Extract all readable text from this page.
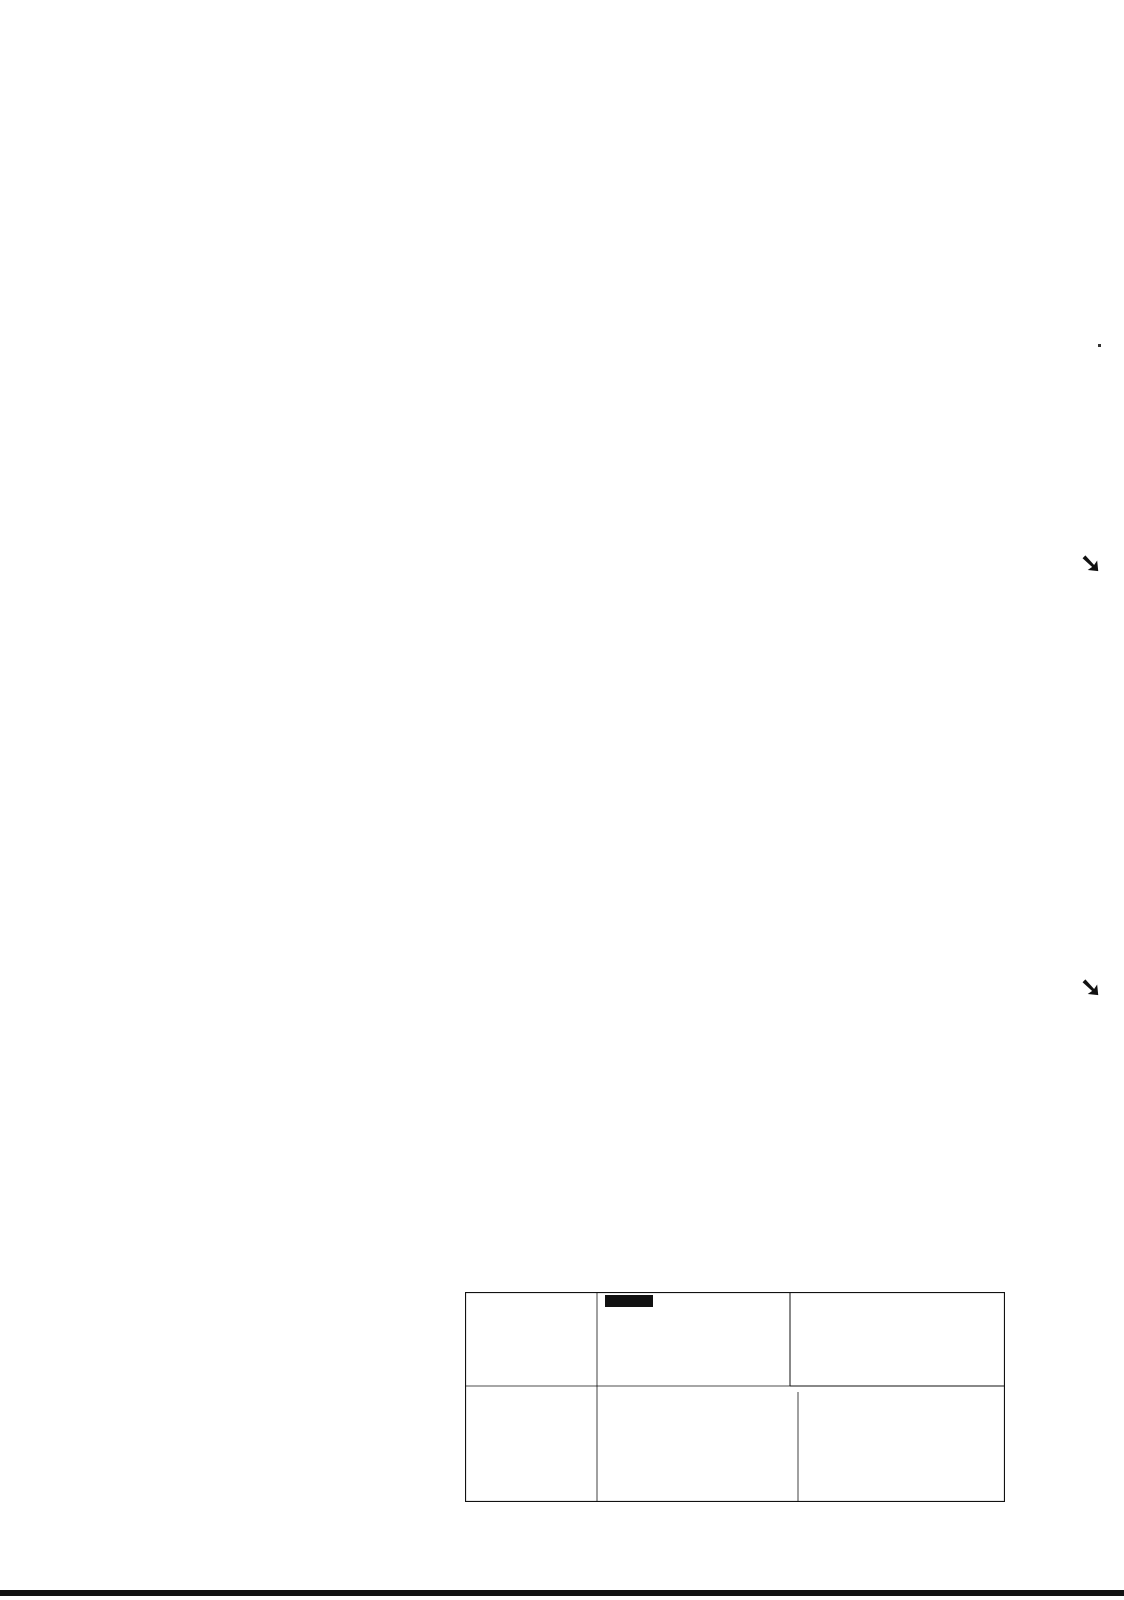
➘
➘
